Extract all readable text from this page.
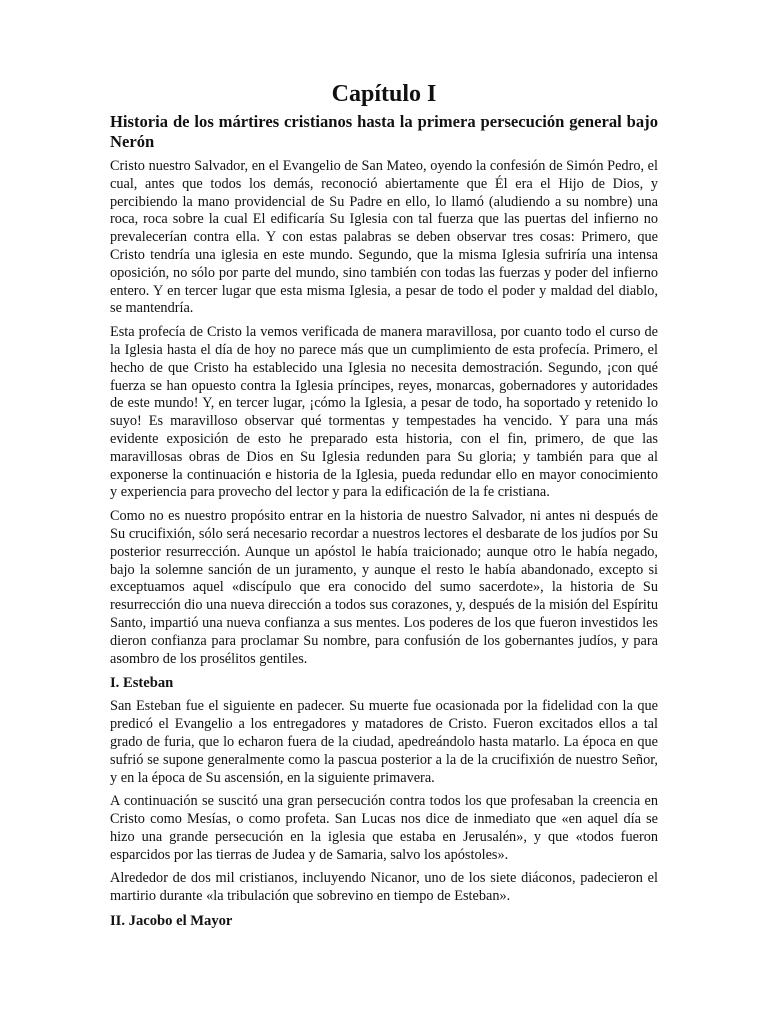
Capítulo I
Historia de los mártires cristianos hasta la primera persecución general bajo Nerón

Cristo nuestro Salvador, en el Evangelio de San Mateo, oyendo la confesión de Simón Pedro, el cual, antes que todos los demás, reconoció abiertamente que Él era el Hijo de Dios, y percibiendo la mano providencial de Su Padre en ello, lo llamó (aludiendo a su nombre) una roca, roca sobre la cual El edificaría Su Iglesia con tal fuerza que las puertas del infierno no prevalecerían contra ella. Y con estas palabras se deben observar tres cosas: Primero, que Cristo tendría una iglesia en este mundo. Segundo, que la misma Iglesia sufriría una intensa oposición, no sólo por parte del mundo, sino también con todas las fuerzas y poder del infierno entero. Y en tercer lugar que esta misma Iglesia, a pesar de todo el poder y maldad del diablo, se mantendría.

Esta profecía de Cristo la vemos verificada de manera maravillosa, por cuanto todo el curso de la Iglesia hasta el día de hoy no parece más que un cumplimiento de esta profecía. Primero, el hecho de que Cristo ha establecido una Iglesia no necesita demostración. Segundo, ¡con qué fuerza se han opuesto contra la Iglesia príncipes, reyes, monarcas, gobernadores y autoridades de este mundo! Y, en tercer lugar, ¡cómo la Iglesia, a pesar de todo, ha soportado y retenido lo suyo! Es maravilloso observar qué tormentas y tempestades ha vencido. Y para una más evidente exposición de esto he preparado esta historia, con el fin, primero, de que las maravillosas obras de Dios en Su Iglesia redunden para Su gloria; y también para que al exponerse la continuación e historia de la Iglesia, pueda redundar ello en mayor conocimiento y experiencia para provecho del lector y para la edificación de la fe cristiana.

Como no es nuestro propósito entrar en la historia de nuestro Salvador, ni antes ni después de Su crucifixión, sólo será necesario recordar a nuestros lectores el desbarate de los judíos por Su posterior resurrección. Aunque un apóstol le había traicionado; aunque otro le había negado, bajo la solemne sanción de un juramento, y aunque el resto le había abandonado, excepto si exceptuamos aquel «discípulo que era conocido del sumo sacerdote», la historia de Su resurrección dio una nueva dirección a todos sus corazones, y, después de la misión del Espíritu Santo, impartió una nueva confianza a sus mentes. Los poderes de los que fueron investidos les dieron confianza para proclamar Su nombre, para confusión de los gobernantes judíos, y para asombro de los prosélitos gentiles.

I. Esteban

San Esteban fue el siguiente en padecer. Su muerte fue ocasionada por la fidelidad con la que predicó el Evangelio a los entregadores y matadores de Cristo. Fueron excitados ellos a tal grado de furia, que lo echaron fuera de la ciudad, apedreándolo hasta matarlo. La época en que sufrió se supone generalmente como la pascua posterior a la de la crucifixión de nuestro Señor, y en la época de Su ascensión, en la siguiente primavera.

A continuación se suscitó una gran persecución contra todos los que profesaban la creencia en Cristo como Mesías, o como profeta. San Lucas nos dice de inmediato que «en aquel día se hizo una grande persecución en la iglesia que estaba en Jerusalén», y que «todos fueron esparcidos por las tierras de Judea y de Samaria, salvo los apóstoles».

Alrededor de dos mil cristianos, incluyendo Nicanor, uno de los siete diáconos, padecieron el martirio durante «la tribulación que sobrevino en tiempo de Esteban».

II. Jacobo el Mayor
